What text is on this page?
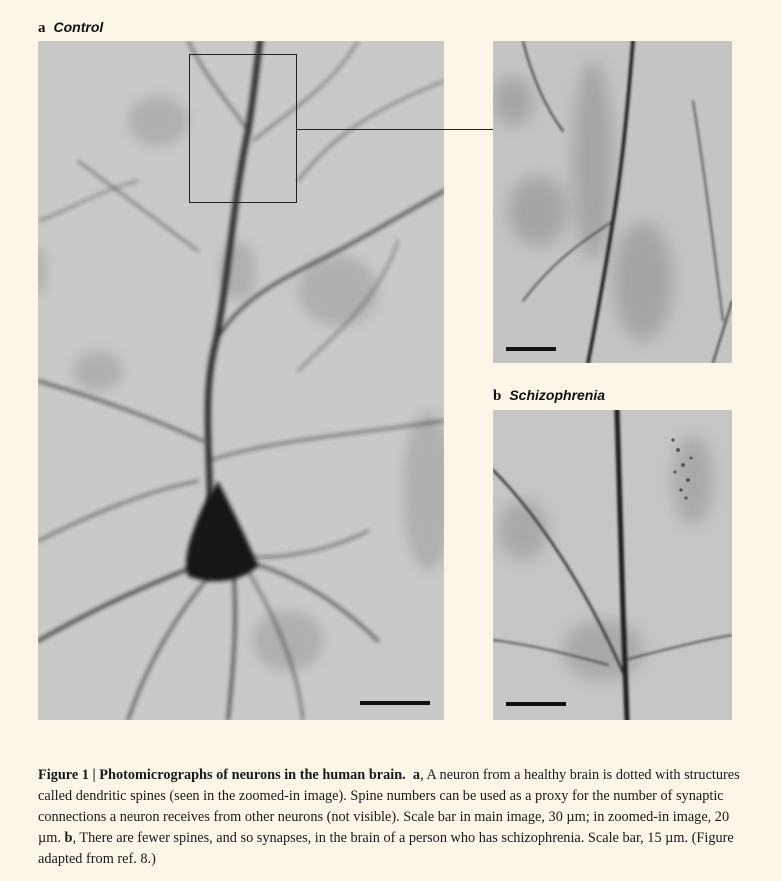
a Control
b Schizophrenia
Figure 1 | Photomicrographs of neurons in the human brain. a, A neuron from a healthy brain is dotted with structures called dendritic spines (seen in the zoomed-in image). Spine numbers can be used as a proxy for the number of synaptic connections a neuron receives from other neurons (not visible). Scale bar in main image, 30 µm; in zoomed-in image, 20 µm. b, There are fewer spines, and so synapses, in the brain of a person who has schizophrenia. Scale bar, 15 µm. (Figure adapted from ref. 8.)
